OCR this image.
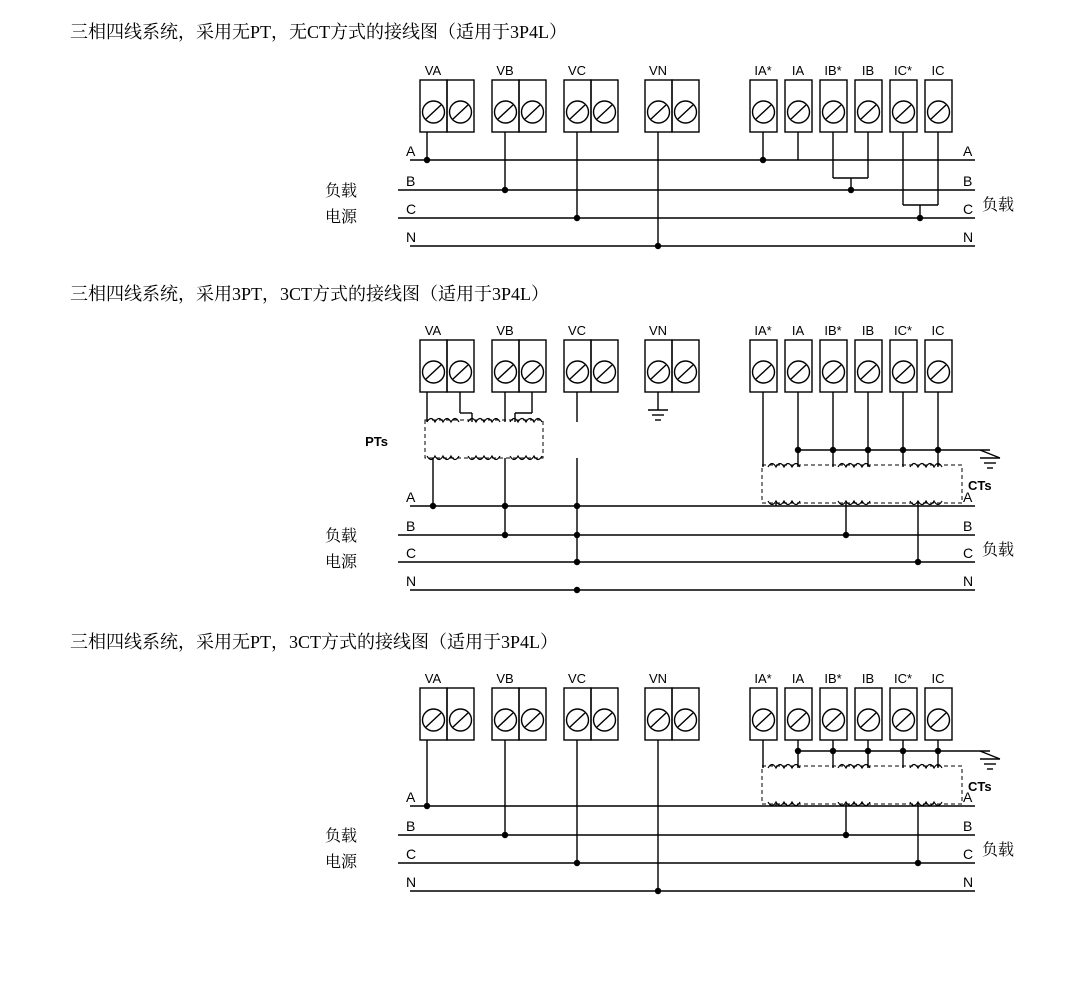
三相四线系统，采用无PT，无CT方式的接线图（适用于3P4L）
VA	VB	VC	VN	IA* IA IB* IB IC* IC
A
B
C
N
A
B
C
N
负载
电源
负载
三相四线系统，采用3PT，3CT方式的接线图（适用于3P4L）
VA	VB	VC	VN	IA* IA IB* IB IC* IC
PTs
CTs
A
B
C
N
A
B
C
N
负载
电源
负载
三相四线系统，采用无PT，3CT方式的接线图（适用于3P4L）
VA	VB	VC	VN	IA* IA IB* IB IC* IC
CTs
A
B
C
N
A
B
C
N
负载
电源
负载
